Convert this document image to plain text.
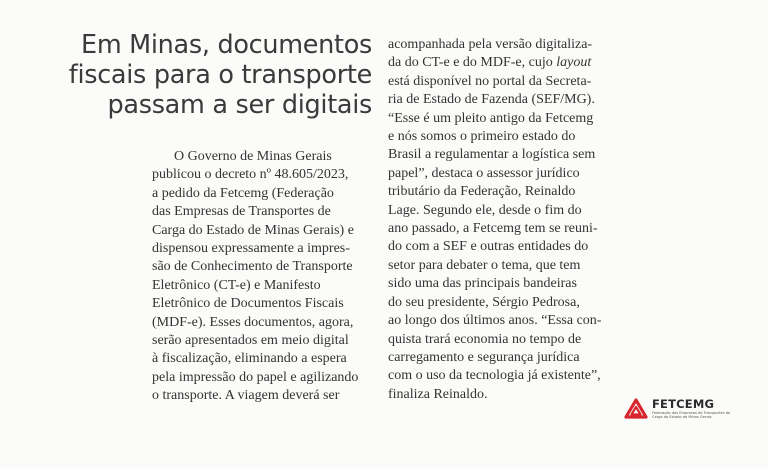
Em Minas, documentos
fiscais para o transporte
passam a ser digitais
O Governo de Minas Gerais
publicou o decreto nº 48.605/2023,
a pedido da Fetcemg (Federação
das Empresas de Transportes de
Carga do Estado de Minas Gerais) e
dispensou expressamente a impres-
são de Conhecimento de Transporte
Eletrônico (CT-e) e Manifesto
Eletrônico de Documentos Fiscais
(MDF-e). Esses documentos, agora,
serão apresentados em meio digital
à fiscalização, eliminando a espera
pela impressão do papel e agilizando
o transporte. A viagem deverá ser
acompanhada pela versão digitaliza-
da do CT-e e do MDF-e, cujo layout
está disponível no portal da Secreta-
ria de Estado de Fazenda (SEF/MG).
“Esse é um pleito antigo da Fetcemg
e nós somos o primeiro estado do
Brasil a regulamentar a logística sem
papel”, destaca o assessor jurídico
tributário da Federação, Reinaldo
Lage. Segundo ele, desde o fim do
ano passado, a Fetcemg tem se reuni-
do com a SEF e outras entidades do
setor para debater o tema, que tem
sido uma das principais bandeiras
do seu presidente, Sérgio Pedrosa,
ao longo dos últimos anos. “Essa con-
quista trará economia no tempo de
carregamento e segurança jurídica
com o uso da tecnologia já existente”,
finaliza Reinaldo.
FETCEMG
Federação das Empresas de Transportes de Carga do Estado de Minas Gerais
